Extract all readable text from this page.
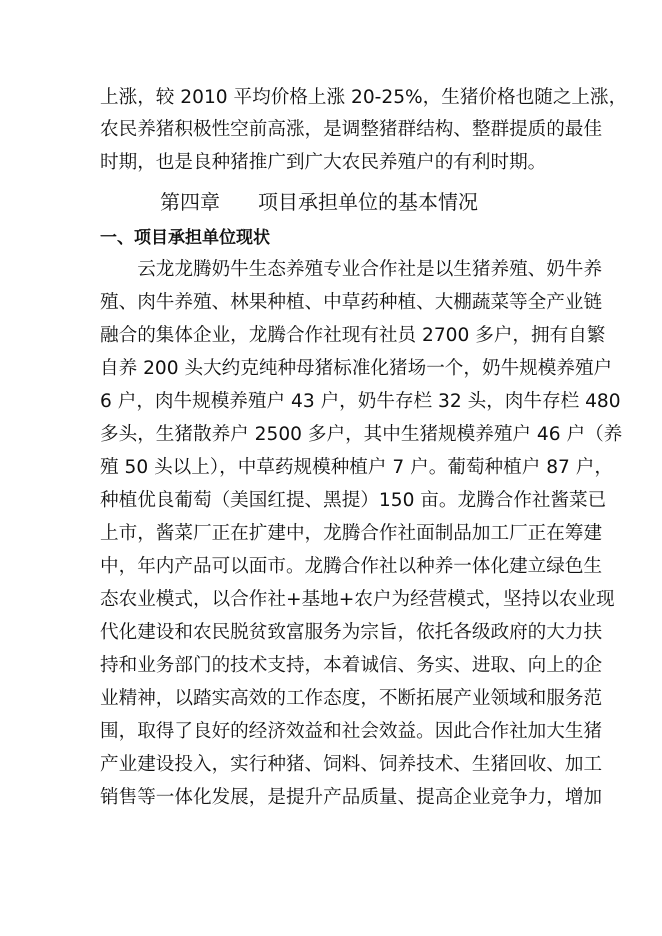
上涨，较 2010 平均价格上涨 20-25%，生猪价格也随之上涨，
农民养猪积极性空前高涨，是调整猪群结构、整群提质的最佳
时期，也是良种猪推广到广大农民养殖户的有利时期。
第四章 项目承担单位的基本情况
一、项目承担单位现状
　　云龙龙腾奶牛生态养殖专业合作社是以生猪养殖、奶牛养
殖、肉牛养殖、林果种植、中草药种植、大棚蔬菜等全产业链
融合的集体企业，龙腾合作社现有社员 2700 多户，拥有自繁
自养 200 头大约克纯种母猪标准化猪场一个，奶牛规模养殖户
6 户，肉牛规模养殖户 43 户，奶牛存栏 32 头，肉牛存栏 480
多头，生猪散养户 2500 多户，其中生猪规模养殖户 46 户（养
殖 50 头以上），中草药规模种植户 7 户。葡萄种植户 87 户，
种植优良葡萄（美国红提、黑提）150 亩。龙腾合作社酱菜已
上市，酱菜厂正在扩建中，龙腾合作社面制品加工厂正在筹建
中，年内产品可以面市。龙腾合作社以种养一体化建立绿色生
态农业模式，以合作社+基地+农户为经营模式，坚持以农业现
代化建设和农民脱贫致富服务为宗旨，依托各级政府的大力扶
持和业务部门的技术支持，本着诚信、务实、进取、向上的企
业精神，以踏实高效的工作态度，不断拓展产业领域和服务范
围，取得了良好的经济效益和社会效益。因此合作社加大生猪
产业建设投入，实行种猪、饲料、饲养技术、生猪回收、加工
销售等一体化发展，是提升产品质量、提高企业竞争力，增加
